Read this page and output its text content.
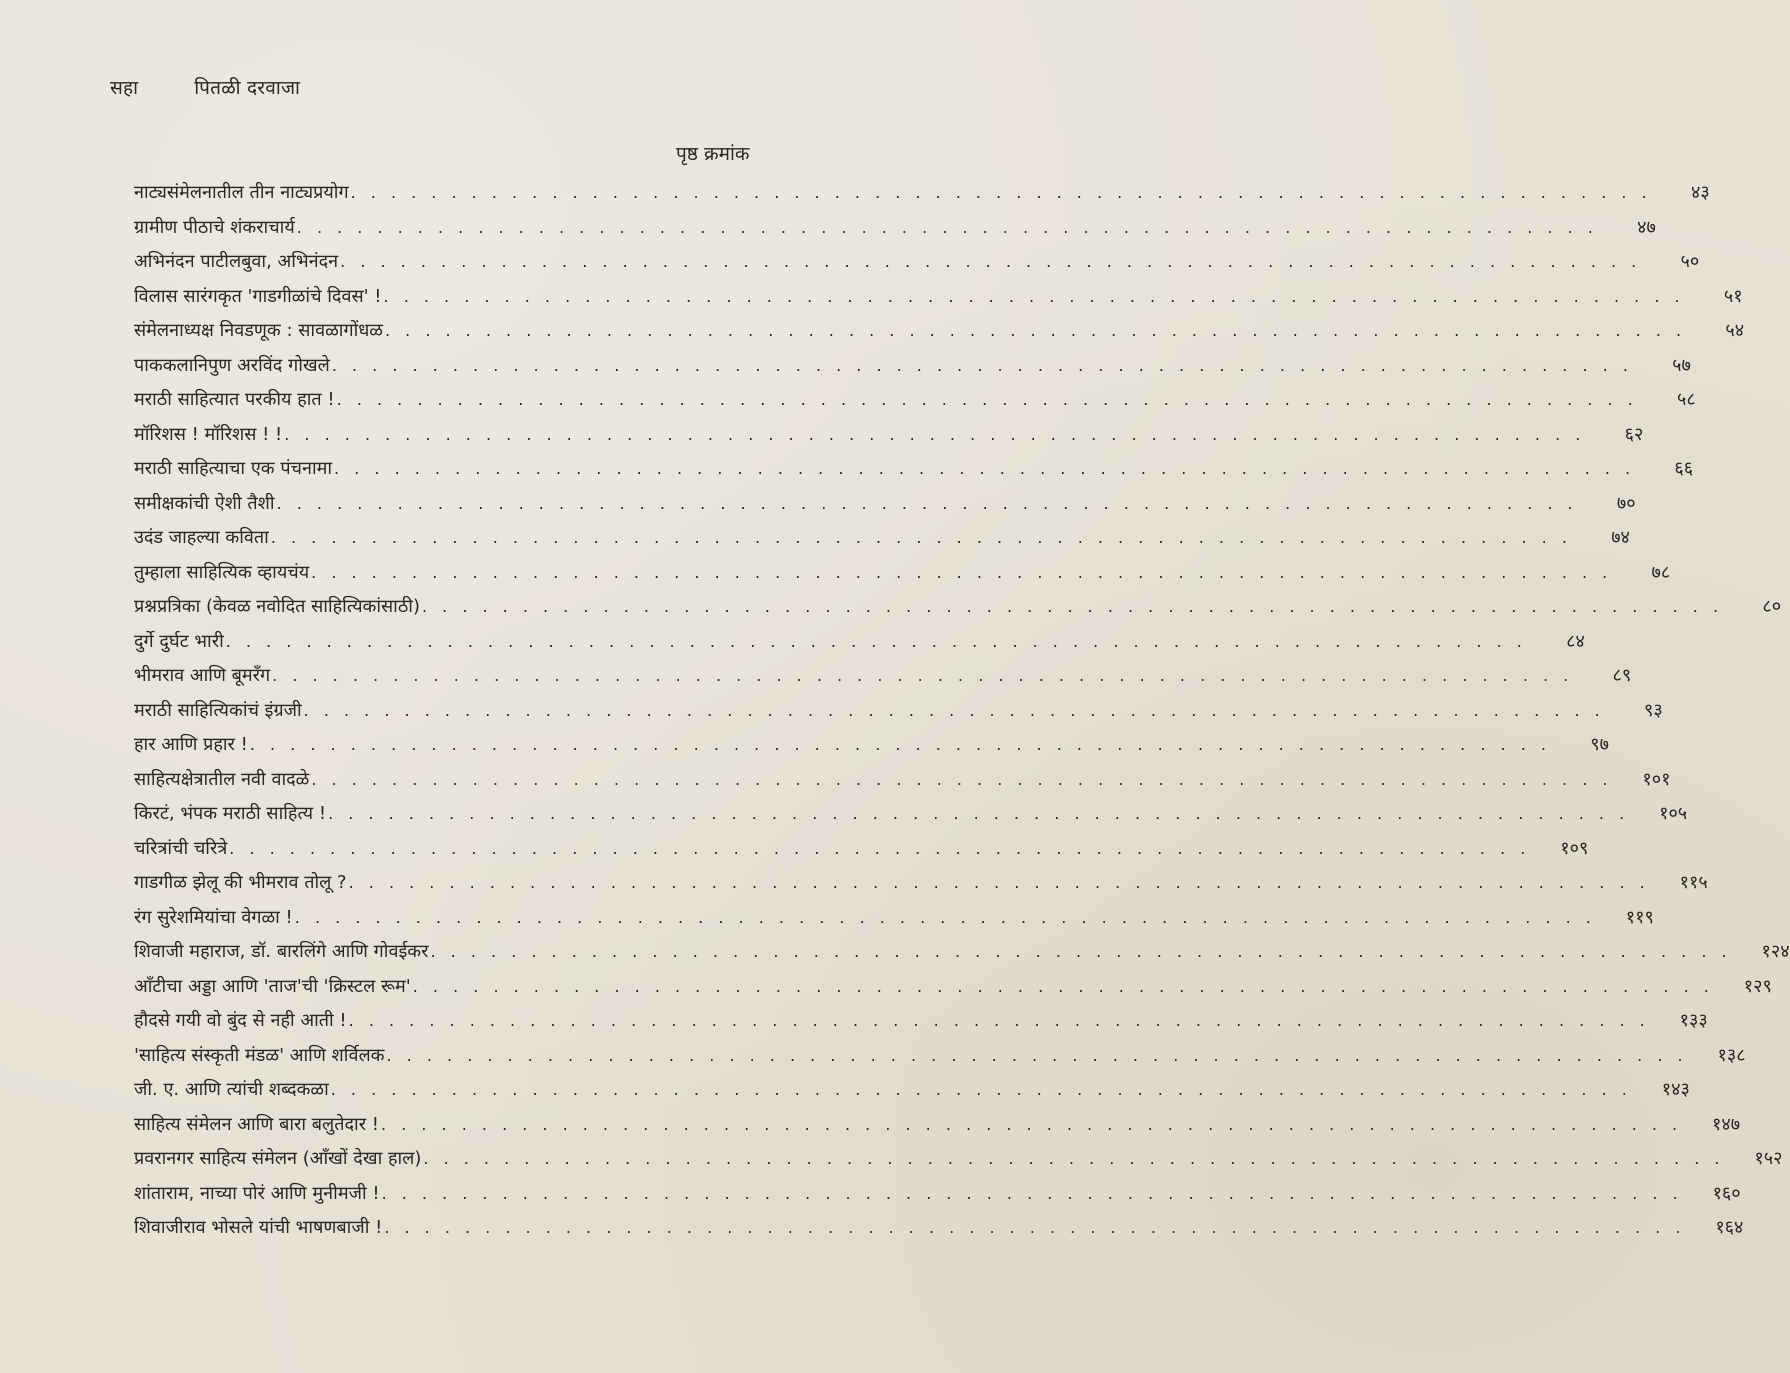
सहा	पितळी दरवाजा
पृष्ठ क्रमांक
नाट्यसंमेलनातील तीन नाट्यप्रयोग . . . . . . . . . . . . . . . . . . . . . . . . . . . . . . . . . . . . . . . . . . . . . . . . . . . . . . . . . . . . . . . . .	४३
ग्रामीण पीठाचे शंकराचार्य . . . . . . . . . . . . . . . . . . . . . . . . . . . . . . . . . . . . . . . . . . . . . . . . . . . . . . . . . . . . . . . . .	४७
अभिनंदन पाटीलबुवा, अभिनंदन . . . . . . . . . . . . . . . . . . . . . . . . . . . . . . . . . . . . . . . . . . . . . . . . . . . . . . . . . . . . . . . . .	५०
विलास सारंगकृत 'गाडगीळांचे दिवस' ! . . . . . . . . . . . . . . . . . . . . . . . . . . . . . . . . . . . . . . . . . . . . . . . . . . . . . . . . . . . . . . . . .	५१
संमेलनाध्यक्ष निवडणूक : सावळागोंधळ . . . . . . . . . . . . . . . . . . . . . . . . . . . . . . . . . . . . . . . . . . . . . . . . . . . . . . . . . . . . . . . . .	५४
पाककलानिपुण अरविंद गोखले . . . . . . . . . . . . . . . . . . . . . . . . . . . . . . . . . . . . . . . . . . . . . . . . . . . . . . . . . . . . . . . . .	५७
मराठी साहित्यात परकीय हात ! . . . . . . . . . . . . . . . . . . . . . . . . . . . . . . . . . . . . . . . . . . . . . . . . . . . . . . . . . . . . . . . . .	५८
मॉरिशस ! मॉरिशस ! ! . . . . . . . . . . . . . . . . . . . . . . . . . . . . . . . . . . . . . . . . . . . . . . . . . . . . . . . . . . . . . . . . .	६२
मराठी साहित्याचा एक पंचनामा . . . . . . . . . . . . . . . . . . . . . . . . . . . . . . . . . . . . . . . . . . . . . . . . . . . . . . . . . . . . . . . . .	६६
समीक्षकांची ऐशी तैशी . . . . . . . . . . . . . . . . . . . . . . . . . . . . . . . . . . . . . . . . . . . . . . . . . . . . . . . . . . . . . . . . .	७०
उदंड जाहल्या कविता . . . . . . . . . . . . . . . . . . . . . . . . . . . . . . . . . . . . . . . . . . . . . . . . . . . . . . . . . . . . . . . . .	७४
तुम्हाला साहित्यिक व्हायचंय . . . . . . . . . . . . . . . . . . . . . . . . . . . . . . . . . . . . . . . . . . . . . . . . . . . . . . . . . . . . . . . . .	७८
प्रश्नप्रत्रिका (केवळ नवोदित साहित्यिकांसाठी) . . . . . . . . . . . . . . . . . . . . . . . . . . . . . . . . . . . . . . . . . . . . . . . . . . . . . . . . . . . . . . . . .	८०
दुर्गे दुर्घट भारी . . . . . . . . . . . . . . . . . . . . . . . . . . . . . . . . . . . . . . . . . . . . . . . . . . . . . . . . . . . . . . . . .	८४
भीमराव आणि बूमरँग . . . . . . . . . . . . . . . . . . . . . . . . . . . . . . . . . . . . . . . . . . . . . . . . . . . . . . . . . . . . . . . . .	८९
मराठी साहित्यिकांचं इंग्रजी . . . . . . . . . . . . . . . . . . . . . . . . . . . . . . . . . . . . . . . . . . . . . . . . . . . . . . . . . . . . . . . . .	९३
हार आणि प्रहार ! . . . . . . . . . . . . . . . . . . . . . . . . . . . . . . . . . . . . . . . . . . . . . . . . . . . . . . . . . . . . . . . . .	९७
साहित्यक्षेत्रातील नवी वादळे . . . . . . . . . . . . . . . . . . . . . . . . . . . . . . . . . . . . . . . . . . . . . . . . . . . . . . . . . . . . . . . . .	१०१
किरटं, भंपक मराठी साहित्य ! . . . . . . . . . . . . . . . . . . . . . . . . . . . . . . . . . . . . . . . . . . . . . . . . . . . . . . . . . . . . . . . . .	१०५
चरित्रांची चरित्रे . . . . . . . . . . . . . . . . . . . . . . . . . . . . . . . . . . . . . . . . . . . . . . . . . . . . . . . . . . . . . . . . .	१०९
गाडगीळ झेलू की भीमराव तोलू ? . . . . . . . . . . . . . . . . . . . . . . . . . . . . . . . . . . . . . . . . . . . . . . . . . . . . . . . . . . . . . . . . .	११५
रंग सुरेशमियांचा वेगळा ! . . . . . . . . . . . . . . . . . . . . . . . . . . . . . . . . . . . . . . . . . . . . . . . . . . . . . . . . . . . . . . . . .	११९
शिवाजी महाराज, डॉ. बारलिंगे आणि गोवईकर . . . . . . . . . . . . . . . . . . . . . . . . . . . . . . . . . . . . . . . . . . . . . . . . . . . . . . . . . . . . . . . . .	१२४
ऑंटीचा अड्डा आणि 'ताज'ची 'क्रिस्टल रूम' . . . . . . . . . . . . . . . . . . . . . . . . . . . . . . . . . . . . . . . . . . . . . . . . . . . . . . . . . . . . . . . . .	१२९
हौदसे गयी वो बुंद से नही आती ! . . . . . . . . . . . . . . . . . . . . . . . . . . . . . . . . . . . . . . . . . . . . . . . . . . . . . . . . . . . . . . . . .	१३३
'साहित्य संस्कृती मंडळ' आणि शर्विलक . . . . . . . . . . . . . . . . . . . . . . . . . . . . . . . . . . . . . . . . . . . . . . . . . . . . . . . . . . . . . . . . .	१३८
जी. ए. आणि त्यांची शब्दकळा . . . . . . . . . . . . . . . . . . . . . . . . . . . . . . . . . . . . . . . . . . . . . . . . . . . . . . . . . . . . . . . . .	१४३
साहित्य संमेलन आणि बारा बलुतेदार ! . . . . . . . . . . . . . . . . . . . . . . . . . . . . . . . . . . . . . . . . . . . . . . . . . . . . . . . . . . . . . . . . .	१४७
प्रवरानगर साहित्य संमेलन (आँखों देखा हाल) . . . . . . . . . . . . . . . . . . . . . . . . . . . . . . . . . . . . . . . . . . . . . . . . . . . . . . . . . . . . . . . . .	१५२
शांताराम, नाच्या पोरं आणि मुनीमजी ! . . . . . . . . . . . . . . . . . . . . . . . . . . . . . . . . . . . . . . . . . . . . . . . . . . . . . . . . . . . . . . . . .	१६०
शिवाजीराव भोसले यांची भाषणबाजी ! . . . . . . . . . . . . . . . . . . . . . . . . . . . . . . . . . . . . . . . . . . . . . . . . . . . . . . . . . . . . . . . . .	१६४
